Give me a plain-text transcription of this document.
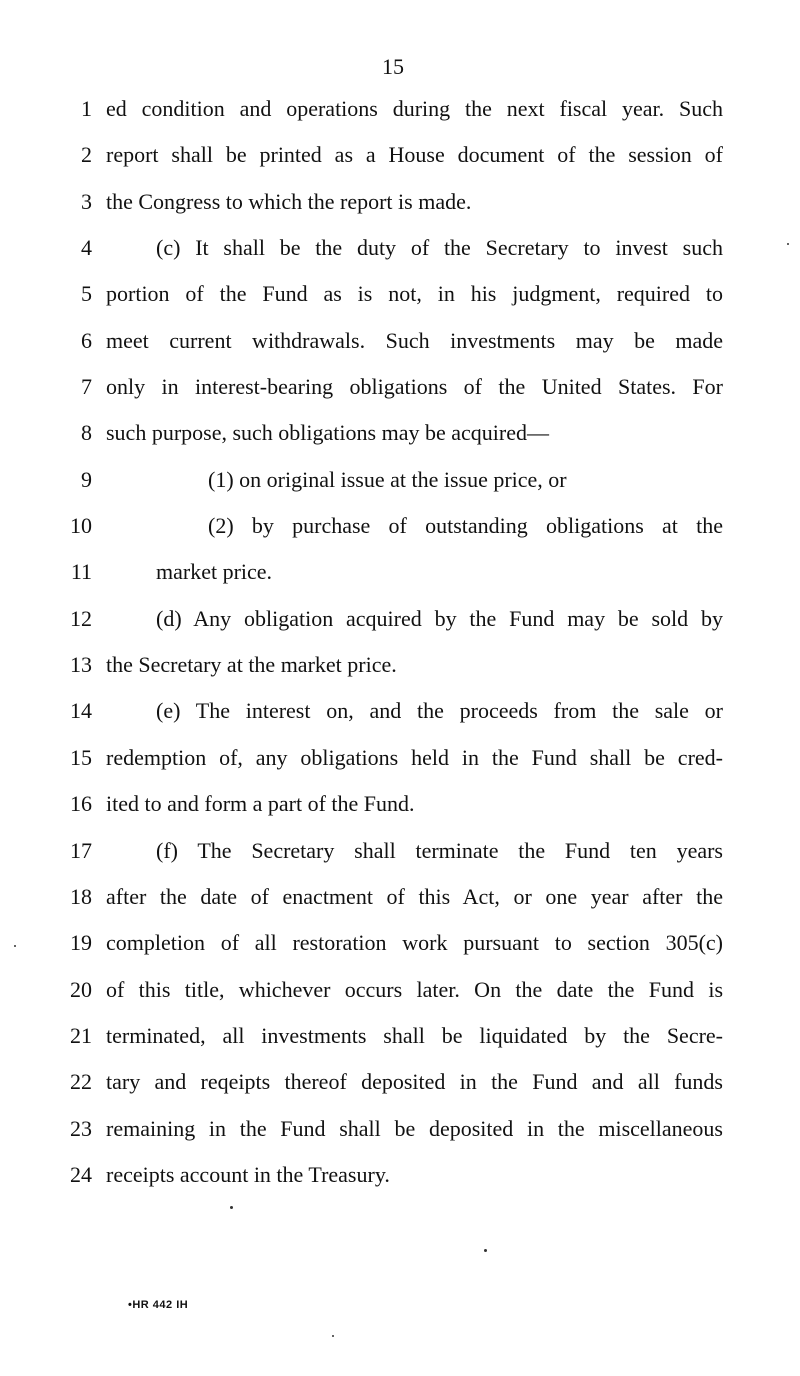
15
1 ed condition and operations during the next fiscal year. Such
2 report shall be printed as a House document of the session of
3 the Congress to which the report is made.
4	(c) It shall be the duty of the Secretary to invest such
5 portion of the Fund as is not, in his judgment, required to
6 meet current withdrawals. Such investments may be made
7 only in interest-bearing obligations of the United States. For
8 such purpose, such obligations may be acquired—
9	(1) on original issue at the issue price, or
10	(2) by purchase of outstanding obligations at the
11	market price.
12	(d) Any obligation acquired by the Fund may be sold by
13 the Secretary at the market price.
14	(e) The interest on, and the proceeds from the sale or
15 redemption of, any obligations held in the Fund shall be cred-
16 ited to and form a part of the Fund.
17	(f) The Secretary shall terminate the Fund ten years
18 after the date of enactment of this Act, or one year after the
19 completion of all restoration work pursuant to section 305(c)
20 of this title, whichever occurs later. On the date the Fund is
21 terminated, all investments shall be liquidated by the Secre-
22 tary and reqeipts thereof deposited in the Fund and all funds
23 remaining in the Fund shall be deposited in the miscellaneous
24 receipts account in the Treasury.
•HR 442 IH
